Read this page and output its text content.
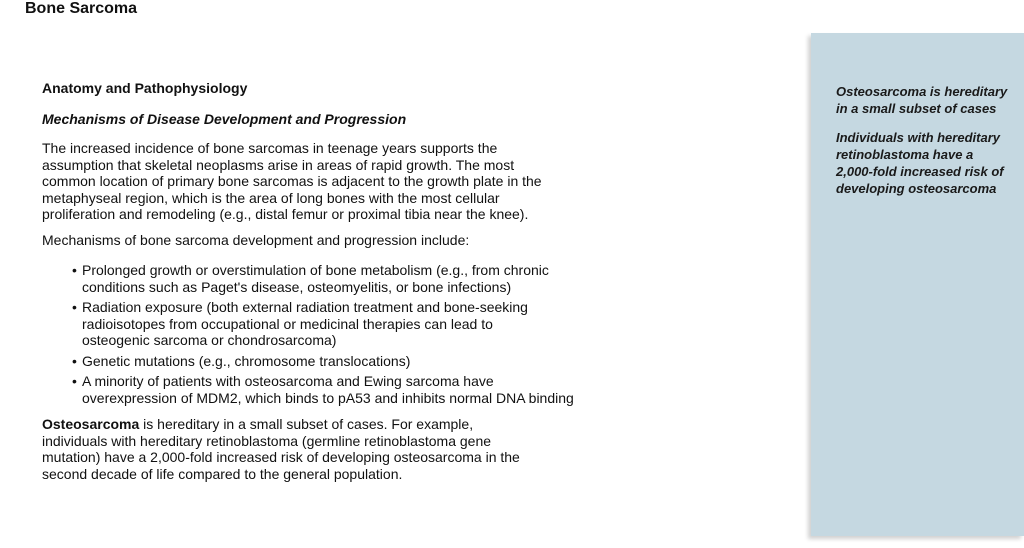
Bone Sarcoma
Anatomy and Pathophysiology
Mechanisms of Disease Development and Progression

The increased incidence of bone sarcomas in teenage years supports the assumption that skeletal neoplasms arise in areas of rapid growth. The most common location of primary bone sarcomas is adjacent to the growth plate in the metaphyseal region, which is the area of long bones with the most cellular proliferation and remodeling (e.g., distal femur or proximal tibia near the knee).

Mechanisms of bone sarcoma development and progression include:

• Prolonged growth or overstimulation of bone metabolism (e.g., from chronic conditions such as Paget's disease, osteomyelitis, or bone infections)
• Radiation exposure (both external radiation treatment and bone-seeking radioisotopes from occupational or medicinal therapies can lead to osteogenic sarcoma or chondrosarcoma)
• Genetic mutations (e.g., chromosome translocations)
• A minority of patients with osteosarcoma and Ewing sarcoma have overexpression of MDM2, which binds to pA53 and inhibits normal DNA binding

Osteosarcoma is hereditary in a small subset of cases. For example, individuals with hereditary retinoblastoma (germline retinoblastoma gene mutation) have a 2,000-fold increased risk of developing osteosarcoma in the second decade of life compared to the general population.

Osteosarcoma is hereditary in a small subset of cases

Individuals with hereditary retinoblastoma have a 2,000-fold increased risk of developing osteosarcoma
